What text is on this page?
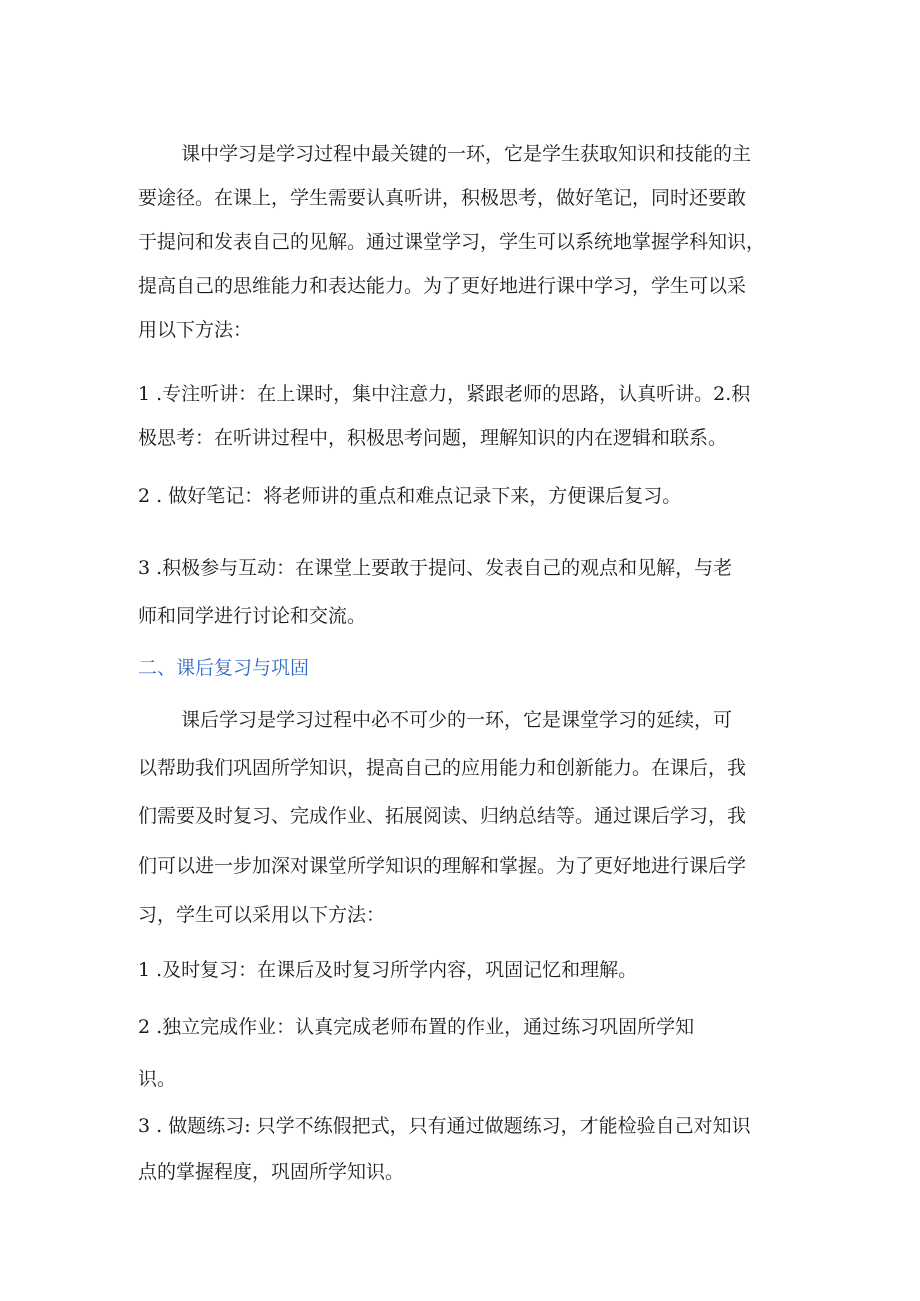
课中学习是学习过程中最关键的一环，它是学生获取知识和技能的主
要途径。在课上，学生需要认真听讲，积极思考，做好笔记，同时还要敢
于提问和发表自己的见解。通过课堂学习，学生可以系统地掌握学科知识，
提高自己的思维能力和表达能力。为了更好地进行课中学习，学生可以采
用以下方法：
1 .专注听讲：在上课时，集中注意力，紧跟老师的思路，认真听讲。2.积
极思考：在听讲过程中，积极思考问题，理解知识的内在逻辑和联系。
2 . 做好笔记：将老师讲的重点和难点记录下来，方便课后复习。
3 .积极参与互动：在课堂上要敢于提问、发表自己的观点和见解，与老
师和同学进行讨论和交流。
二、课后复习与巩固
课后学习是学习过程中必不可少的一环，它是课堂学习的延续，可
以帮助我们巩固所学知识，提高自己的应用能力和创新能力。在课后，我
们需要及时复习、完成作业、拓展阅读、归纳总结等。通过课后学习，我
们可以进一步加深对课堂所学知识的理解和掌握。为了更好地进行课后学
习，学生可以采用以下方法：
1 .及时复习：在课后及时复习所学内容，巩固记忆和理解。
2 .独立完成作业：认真完成老师布置的作业，通过练习巩固所学知
识。
3 . 做题练习: 只学不练假把式，只有通过做题练习，才能检验自己对知识
点的掌握程度，巩固所学知识。
